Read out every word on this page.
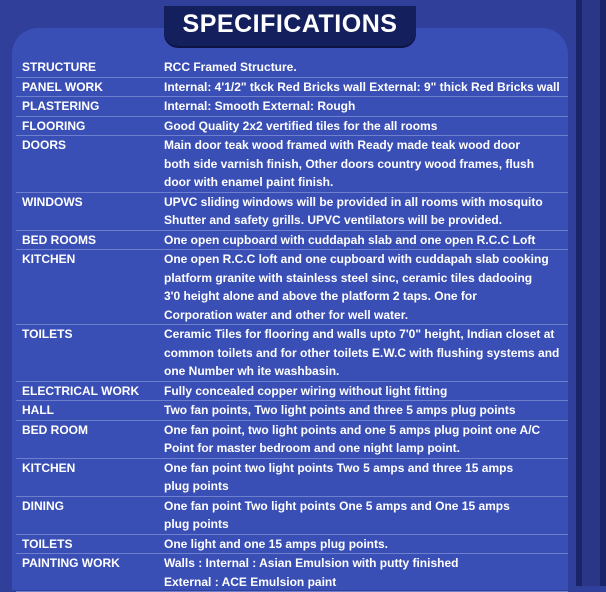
SPECIFICATIONS
STRUCTURE	RCC Framed Structure.

PANEL WORK	Internal: 4'1/2" tkck Red Bricks wall External: 9" thick Red Bricks wall

PLASTERING	Internal: Smooth External: Rough

FLOORING	Good Quality 2x2 vertified tiles for the all rooms

DOORS	Main door teak wood framed with Ready made teak wood door
both side varnish finish, Other doors country wood frames, flush
door with enamel paint finish.

WINDOWS	UPVC sliding windows will be provided in all rooms with mosquito
Shutter and safety grills. UPVC ventilators will be provided.

BED ROOMS	One open cupboard with cuddapah slab and one open R.C.C Loft

KITCHEN	One open R.C.C loft and one cupboard with cuddapah slab cooking
platform granite with stainless steel sinc, ceramic tiles dadooing
3'0 height alone and above the platform 2 taps. One for
Corporation water and other for well water.

TOILETS	Ceramic Tiles for flooring and walls upto 7'0" height, Indian closet at
common toilets and for other toilets E.W.C with flushing systems and
one Number wh ite washbasin.

ELECTRICAL WORK	Fully concealed copper wiring without light fitting

HALL	Two fan points, Two light points and three 5 amps plug points

BED ROOM	One fan point, two light points and one 5 amps plug point one A/C
Point for master bedroom and one night lamp point.

KITCHEN	One fan point two light points Two 5 amps and three 15 amps
plug points

DINING	One fan point Two light points One 5 amps and One 15 amps
plug points

TOILETS	One light and one 15 amps plug points.

PAINTING WORK	Walls : Internal : Asian Emulsion with putty finished
External : ACE Emulsion paint
